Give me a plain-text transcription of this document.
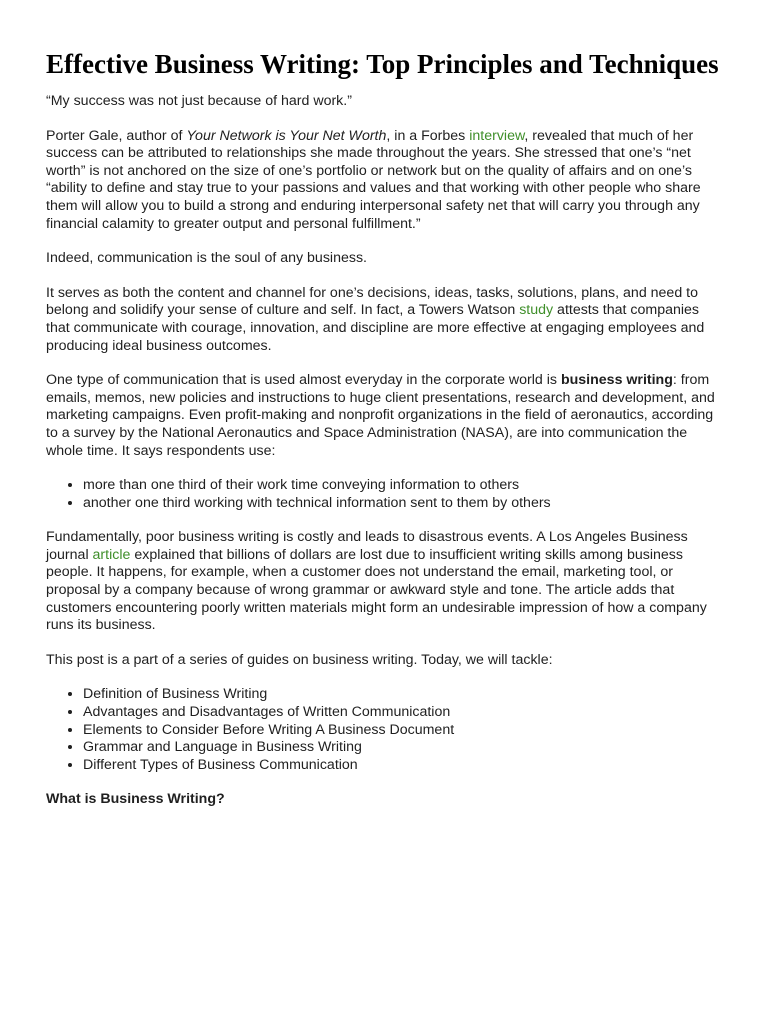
Effective Business Writing: Top Principles and Techniques

“My success was not just because of hard work.”

Porter Gale, author of Your Network is Your Net Worth, in a Forbes interview, revealed that much of her success can be attributed to relationships she made throughout the years. She stressed that one’s “net worth” is not anchored on the size of one’s portfolio or network but on the quality of affairs and on one’s “ability to define and stay true to your passions and values and that working with other people who share them will allow you to build a strong and enduring interpersonal safety net that will carry you through any financial calamity to greater output and personal fulfillment.”

Indeed, communication is the soul of any business.

It serves as both the content and channel for one’s decisions, ideas, tasks, solutions, plans, and need to belong and solidify your sense of culture and self. In fact, a Towers Watson study attests that companies that communicate with courage, innovation, and discipline are more effective at engaging employees and producing ideal business outcomes.

One type of communication that is used almost everyday in the corporate world is business writing: from emails, memos, new policies and instructions to huge client presentations, research and development, and marketing campaigns. Even profit-making and nonprofit organizations in the field of aeronautics, according to a survey by the National Aeronautics and Space Administration (NASA), are into communication the whole time. It says respondents use:

• more than one third of their work time conveying information to others
• another one third working with technical information sent to them by others

Fundamentally, poor business writing is costly and leads to disastrous events. A Los Angeles Business journal article explained that billions of dollars are lost due to insufficient writing skills among business people. It happens, for example, when a customer does not understand the email, marketing tool, or proposal by a company because of wrong grammar or awkward style and tone. The article adds that customers encountering poorly written materials might form an undesirable impression of how a company runs its business.

This post is a part of a series of guides on business writing. Today, we will tackle:

• Definition of Business Writing
• Advantages and Disadvantages of Written Communication
• Elements to Consider Before Writing A Business Document
• Grammar and Language in Business Writing
• Different Types of Business Communication

What is Business Writing?
